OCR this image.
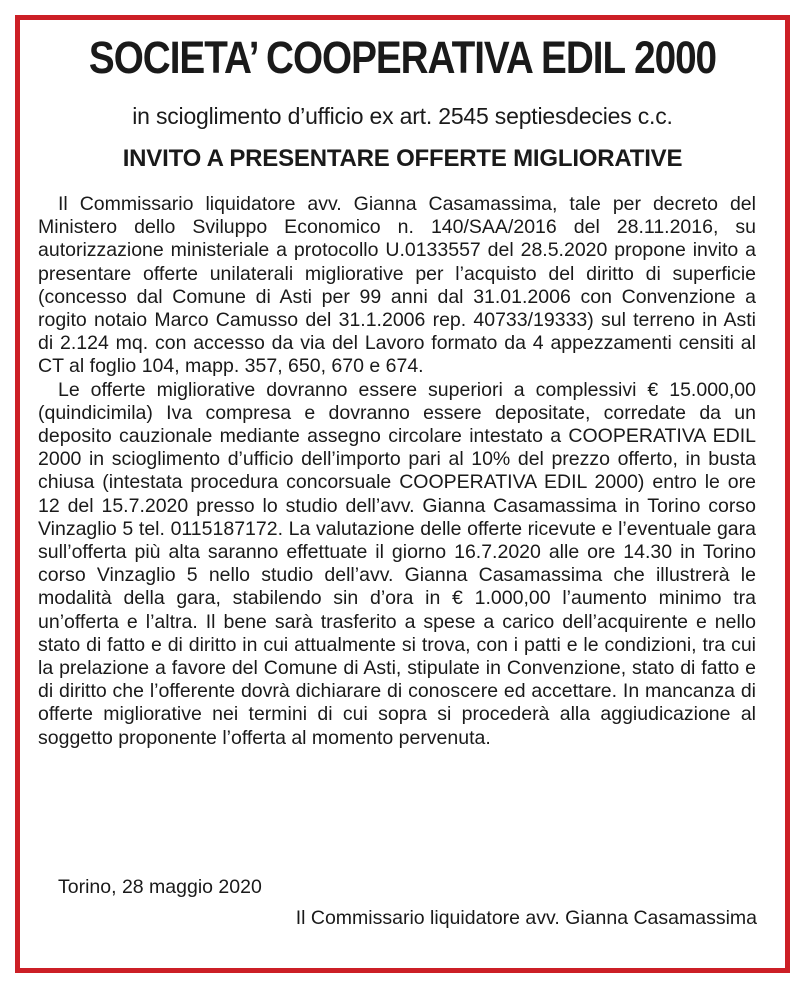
SOCIETA’ COOPERATIVA EDIL 2000
in scioglimento d’ufficio ex art. 2545 septiesdecies c.c.
INVITO A PRESENTARE OFFERTE MIGLIORATIVE

Il Commissario liquidatore avv. Gianna Casamassima, tale per decreto del Ministero dello Sviluppo Economico n. 140/SAA/2016 del 28.11.2016, su autorizzazione ministeriale a protocollo U.0133557 del 28.5.2020 propone invito a presentare offerte unilaterali migliorative per l’acquisto del diritto di superficie (concesso dal Comune di Asti per 99 anni dal 31.01.2006 con Convenzione a rogito notaio Marco Camusso del 31.1.2006 rep. 40733/19333) sul terreno in Asti di 2.124 mq. con accesso da via del Lavoro formato da 4 appezzamenti censiti al CT al foglio 104, mapp. 357, 650, 670 e 674.

Le offerte migliorative dovranno essere superiori a complessivi € 15.000,00 (quindicimila) Iva compresa e dovranno essere depositate, corredate da un deposito cauzionale mediante assegno circolare intestato a COOPERATIVA EDIL 2000 in scioglimento d’ufficio dell’importo pari al 10% del prezzo offerto, in busta chiusa (intestata procedura concorsuale COOPERATIVA EDIL 2000) entro le ore 12 del 15.7.2020 presso lo studio dell’avv. Gianna Casamassima in Torino corso Vinzaglio 5 tel. 0115187172. La valutazione delle offerte ricevute e l’eventuale gara sull’offerta più alta saranno effettuate il giorno 16.7.2020 alle ore 14.30 in Torino corso Vinzaglio 5 nello studio dell’avv. Gianna Casamassima che illustrerà le modalità della gara, stabilendo sin d’ora in € 1.000,00 l’aumento minimo tra un’offerta e l’altra. Il bene sarà trasferito a spese a carico dell’acquirente e nello stato di fatto e di diritto in cui attualmente si trova, con i patti e le condizioni, tra cui la prelazione a favore del Comune di Asti, stipulate in Convenzione, stato di fatto e di diritto che l’offerente dovrà dichiarare di conoscere ed accettare. In mancanza di offerte migliorative nei termini di cui sopra si procederà alla aggiudicazione al soggetto proponente l’offerta al momento pervenuta.

Torino, 28 maggio 2020
Il Commissario liquidatore avv. Gianna Casamassima
